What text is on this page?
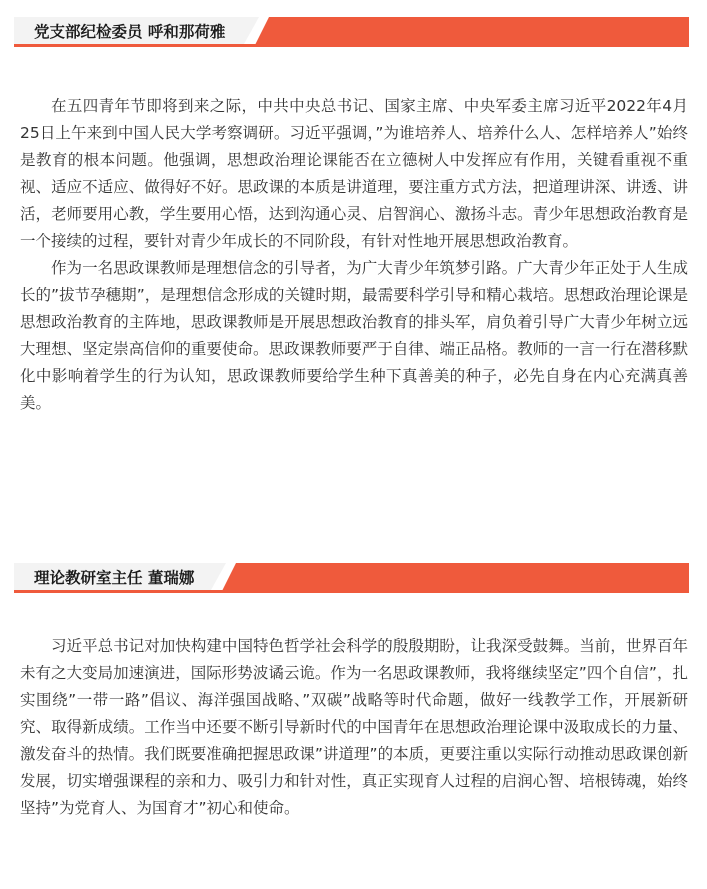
党支部纪检委员 呼和那荷雅

在五四青年节即将到来之际，中共中央总书记、国家主席、中央军委主席习近平2022年4月25日上午来到中国人民大学考察调研。习近平强调，”为谁培养人、培养什么人、怎样培养人”始终是教育的根本问题。他强调，思想政治理论课能否在立德树人中发挥应有作用，关键看重视不重视、适应不适应、做得好不好。思政课的本质是讲道理，要注重方式方法，把道理讲深、讲透、讲活，老师要用心教，学生要用心悟，达到沟通心灵、启智润心、激扬斗志。青少年思想政治教育是一个接续的过程，要针对青少年成长的不同阶段，有针对性地开展思想政治教育。

作为一名思政课教师是理想信念的引导者，为广大青少年筑梦引路。广大青少年正处于人生成长的”拔节孕穗期”，是理想信念形成的关键时期，最需要科学引导和精心栽培。思想政治理论课是思想政治教育的主阵地，思政课教师是开展思想政治教育的排头军，肩负着引导广大青少年树立远大理想、坚定崇高信仰的重要使命。思政课教师要严于自律、端正品格。教师的一言一行在潜移默化中影响着学生的行为认知，思政课教师要给学生种下真善美的种子，必先自身在内心充满真善美。

理论教研室主任 董瑞娜

习近平总书记对加快构建中国特色哲学社会科学的殷殷期盼，让我深受鼓舞。当前，世界百年未有之大变局加速演进，国际形势波谲云诡。作为一名思政课教师，我将继续坚定”四个自信”，扎实围绕”一带一路”倡议、海洋强国战略、”双碳”战略等时代命题，做好一线教学工作，开展新研究、取得新成绩。工作当中还要不断引导新时代的中国青年在思想政治理论课中汲取成长的力量、激发奋斗的热情。我们既要准确把握思政课”讲道理”的本质，更要注重以实际行动推动思政课创新发展，切实增强课程的亲和力、吸引力和针对性，真正实现育人过程的启润心智、培根铸魂，始终坚持”为党育人、为国育才”初心和使命。
